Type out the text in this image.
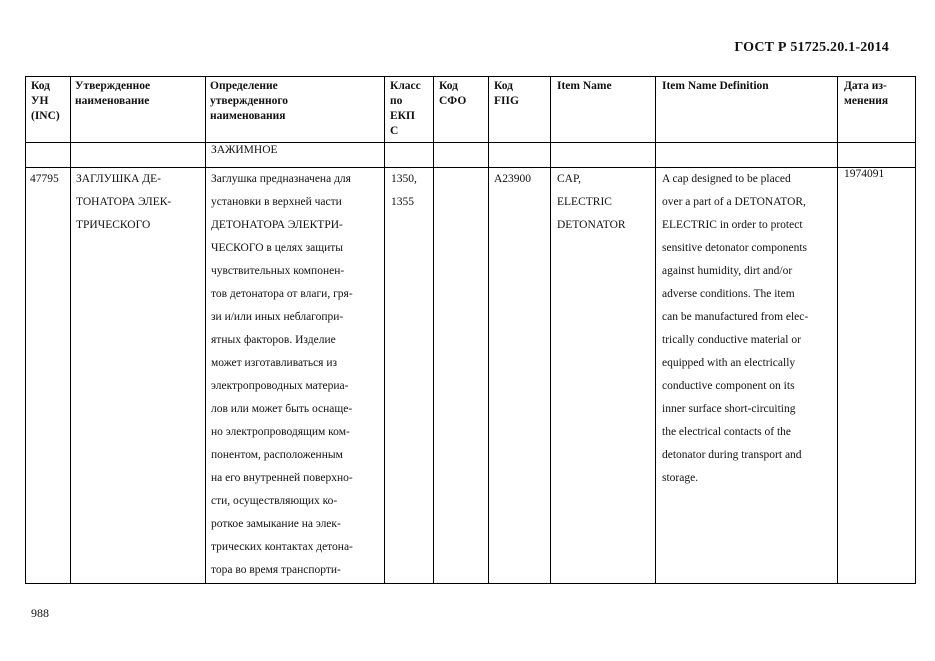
ГОСТ Р 51725.20.1-2014
Код
УН
(INC)
Утвержденное
наименование
Определение
утвержденного
наименования
Класс
по
ЕКП
С
Код
СФО
Код
FIIG
Item Name	Item Name Definition	Дата из-
менения
ЗАЖИМНОЕ
47795 ЗАГЛУШКА ДЕ-
ТОНАТОРА ЭЛЕК-
ТРИЧЕСКОГО
Заглушка предназначена для
установки в верхней части
ДЕТОНАТОРА ЭЛЕКТРИ-
ЧЕСКОГО в целях защиты
чувствительных компонен-
тов детонатора от влаги, гря-
зи и/или иных неблагопри-
ятных факторов. Изделие
может изготавливаться из
электропроводных материа-
лов или может быть оснаще-
но электропроводящим ком-
понентом, расположенным
на его внутренней поверхно-
сти, осуществляющих ко-
роткое замыкание на элек-
трических контактах детона-
тора во время транспорти-
1350,
1355
A23900 CAP,
ELECTRIC
DETONATOR
A cap designed to be placed
over a part of a DETONATOR,
ELECTRIC in order to protect
sensitive detonator components
against humidity, dirt and/or
adverse conditions. The item
can be manufactured from elec-
trically conductive material or
equipped with an electrically
conductive component on its
inner surface short-circuiting
the electrical contacts of the
detonator during transport and
storage.
1974091
988
